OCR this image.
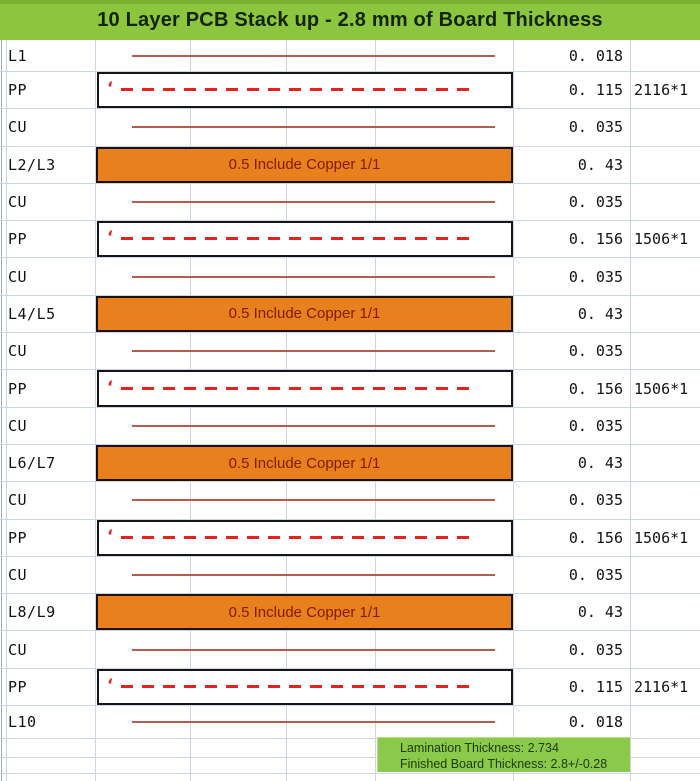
10 Layer PCB Stack up - 2.8 mm of Board Thickness
L1	0. 018
PP	‘	0. 115 2116*1
CU	0. 035
L2/L3	0.5 Include Copper 1/1	0. 43
CU	0. 035
PP	‘	0. 156 1506*1
CU	0. 035
L4/L5	0.5 Include Copper 1/1	0. 43
CU	0. 035
PP	‘	0. 156 1506*1
CU	0. 035
L6/L7	0.5 Include Copper 1/1	0. 43
CU	0. 035
PP	‘	0. 156 1506*1
CU	0. 035
L8/L9	0.5 Include Copper 1/1	0. 43
CU	0. 035
PP	‘	0. 115 2116*1
L10	0. 018
Lamination Thickness: 2.734
Finished Board Thickness: 2.8+/-0.28
